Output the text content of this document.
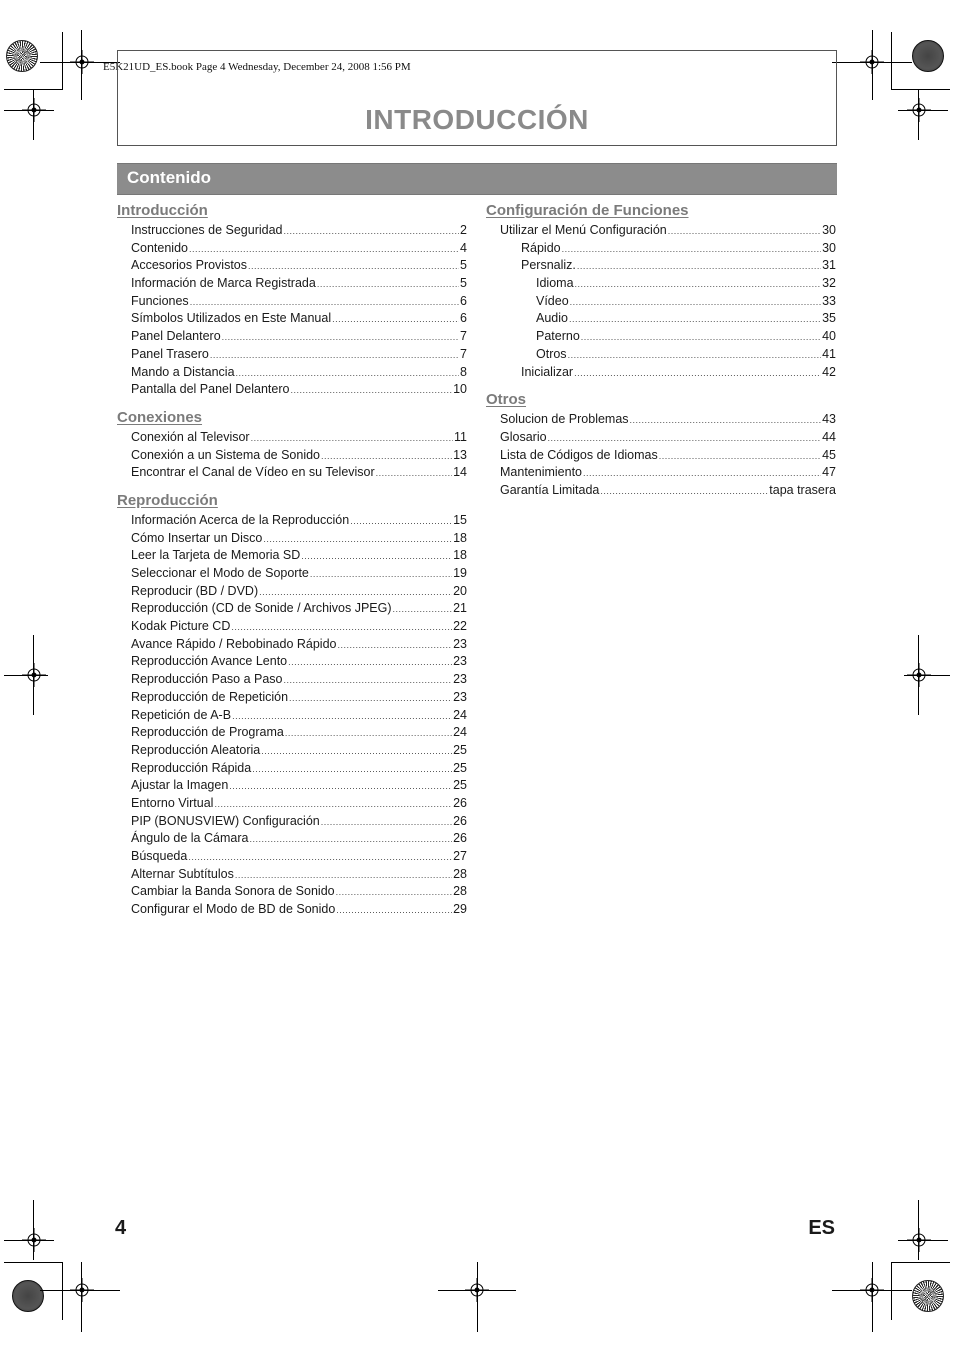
E5K21UD_ES.book Page 4 Wednesday, December 24, 2008 1:56 PM
INTRODUCCIÓN
Contenido
Introducción
Instrucciones de Seguridad .....	2
Contenido .....	4
Accesorios Provistos .....	5
Información de Marca Registrada .....	5
Funciones .....	6
Símbolos Utilizados en Este Manual .....	6
Panel Delantero .....	7
Panel Trasero .....	7
Mando a Distancia .....	8
Pantalla del Panel Delantero .....	10
Conexiones
Conexión al Televisor .....	11
Conexión a un Sistema de Sonido .....	13
Encontrar el Canal de Vídeo en su Televisor .....	14
Reproducción
Información Acerca de la Reproducción .....	15
Cómo Insertar un Disco .....	18
Leer la Tarjeta de Memoria SD .....	18
Seleccionar el Modo de Soporte .....	19
Reproducir (BD / DVD) .....	20
Reproducción (CD de Sonide / Archivos JPEG) .....	21
Kodak Picture CD .....	22
Avance Rápido / Rebobinado Rápido .....	23
Reproducción Avance Lento .....	23
Reproducción Paso a Paso .....	23
Reproducción de Repetición .....	23
Repetición de A-B .....	24
Reproducción de Programa .....	24
Reproducción Aleatoria .....	25
Reproducción Rápida .....	25
Ajustar la Imagen .....	25
Entorno Virtual .....	26
PIP (BONUSVIEW) Configuración .....	26
Ángulo de la Cámara .....	26
Búsqueda .....	27
Alternar Subtítulos .....	28
Cambiar la Banda Sonora de Sonido .....	28
Configurar el Modo de BD de Sonido .....	29
Configuración de Funciones
Utilizar el Menú Configuración .....	30
Rápido .....	30
Persnaliz. .....	31
Idioma .....	32
Vídeo .....	33
Audio .....	35
Paterno .....	40
Otros .....	41
Inicializar .....	42
Otros
Solucion de Problemas .....	43
Glosario .....	44
Lista de Códigos de Idiomas .....	45
Mantenimiento .....	47
Garantía Limitada .....	tapa trasera
4	ES
